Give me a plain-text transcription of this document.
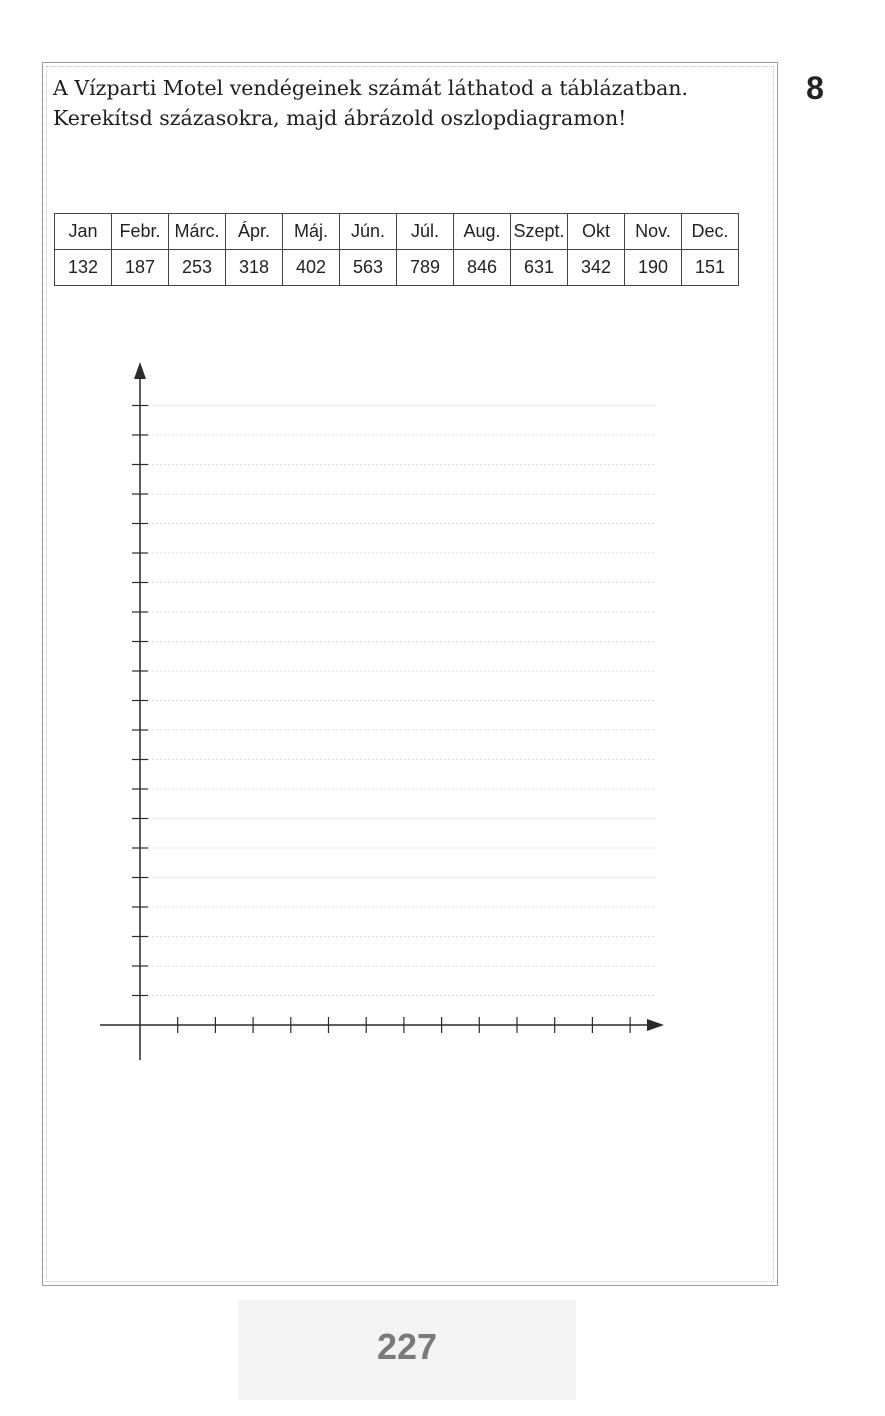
8
A Vízparti Motel vendégeinek számát láthatod a táblázatban.
Kerekítsd százasokra, majd ábrázold oszlopdiagramon!
Jan	Febr.	Márc.	Ápr.	Máj.	Jún.	Júl.	Aug.	Szept.	Okt	Nov.	Dec.
132	187	253	318	402	563	789	846	631	342	190	151
227
